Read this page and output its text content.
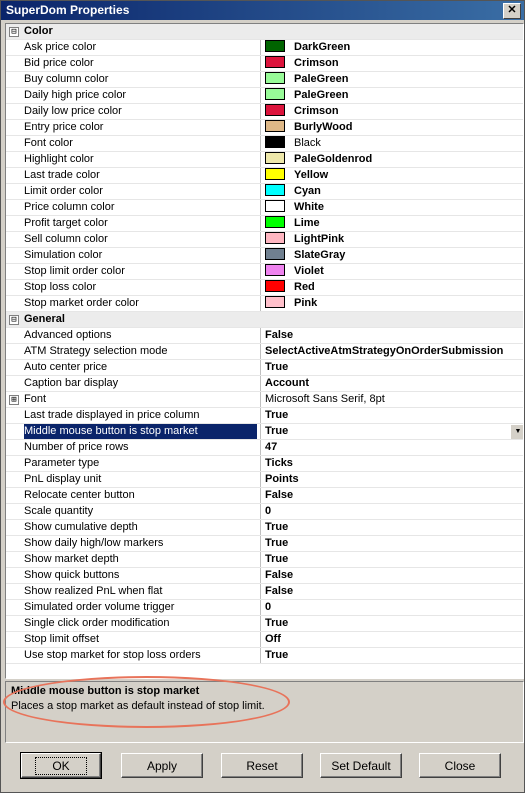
SuperDom Properties	✕
⊟ Color
Ask price color	DarkGreen
Bid price color	Crimson
Buy column color	PaleGreen
Daily high price color	PaleGreen
Daily low price color	Crimson
Entry price color	BurlyWood
Font color	Black
Highlight color	PaleGoldenrod
Last trade color	Yellow
Limit order color	Cyan
Price column color	White
Profit target color	Lime
Sell column color	LightPink
Simulation color	SlateGray
Stop limit order color	Violet
Stop loss color	Red
Stop market order color	Pink
⊟ General
Advanced options	False
ATM Strategy selection mode	SelectActiveAtmStrategyOnOrderSubmission
Auto center price	True
Caption bar display	Account
⊞ Font	Microsoft Sans Serif, 8pt
Last trade displayed in price column	True
Middle mouse button is stop market	True	▼
Number of price rows	47
Parameter type	Ticks
PnL display unit	Points
Relocate center button	False
Scale quantity	0
Show cumulative depth	True
Show daily high/low markers	True
Show market depth	True
Show quick buttons	False
Show realized PnL when flat	False
Simulated order volume trigger	0
Single click order modification	True
Stop limit offset	Off
Use stop market for stop loss orders	True
Middle mouse button is stop market
Places a stop market as default instead of stop limit.
OK	Apply	Reset	Set Default	Close
